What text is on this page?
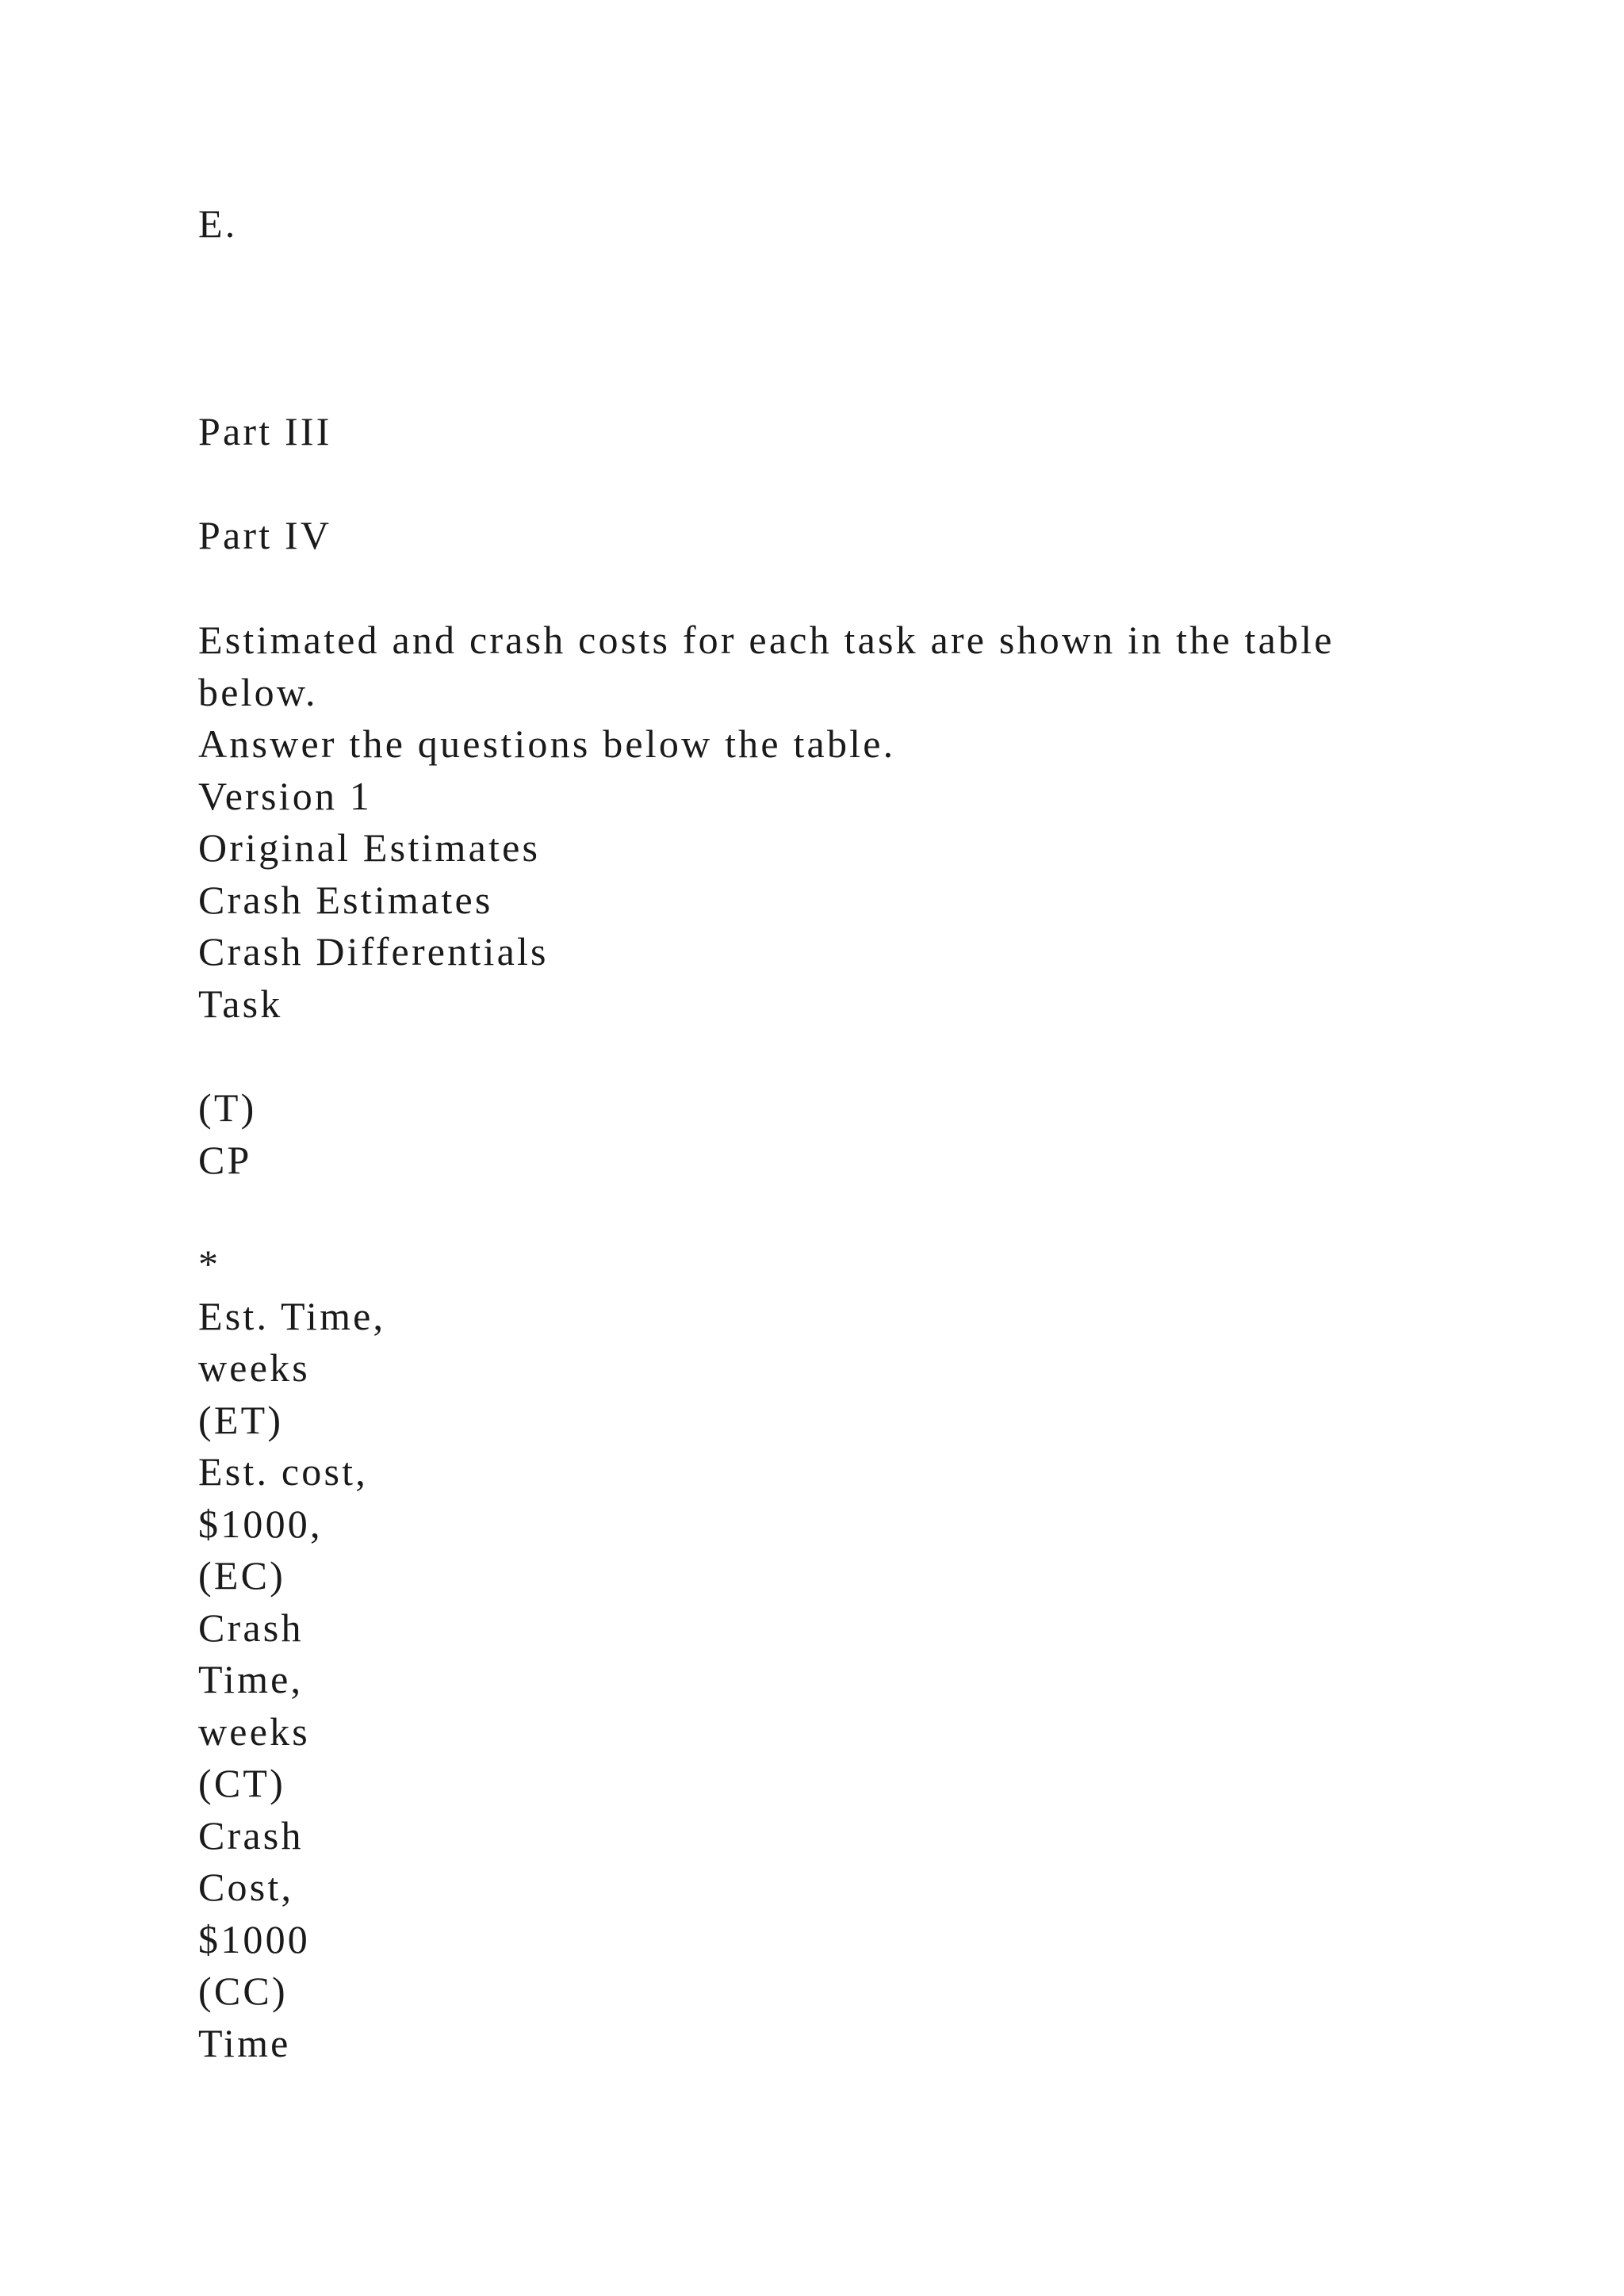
E.
Part III
Part IV
Estimated and crash costs for each task are shown in the table
below.
Answer the questions below the table.
Version 1
Original Estimates
Crash Estimates
Crash Differentials
Task
(T)
CP
*
Est. Time,
weeks
(ET)
Est. cost,
$1000,
(EC)
Crash
Time,
weeks
(CT)
Crash
Cost,
$1000
(CC)
Time
